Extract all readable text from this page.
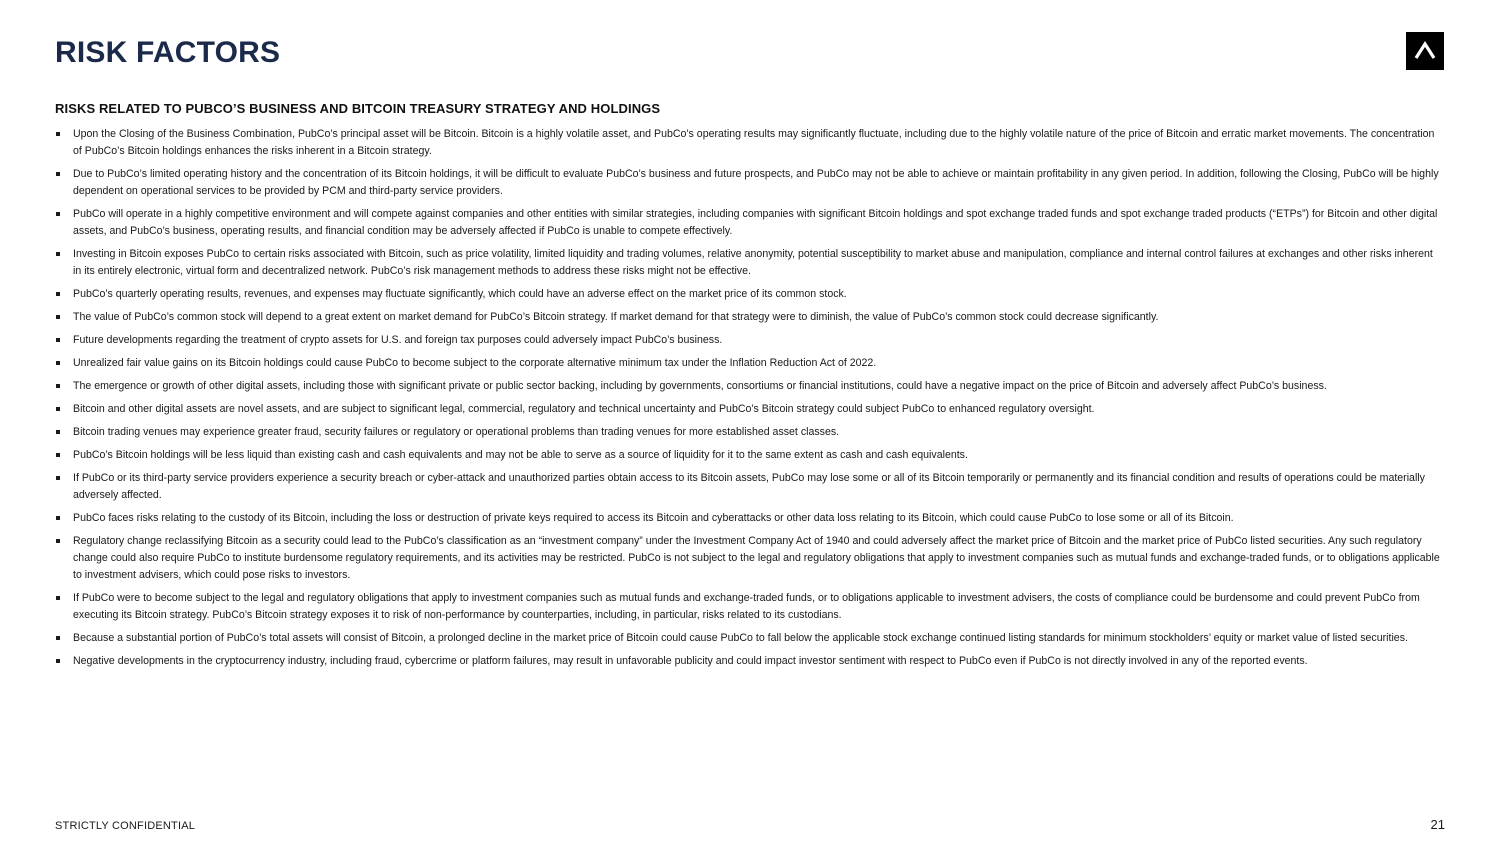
RISK FACTORS
RISKS RELATED TO PUBCO’S BUSINESS AND BITCOIN TREASURY STRATEGY AND HOLDINGS
Upon the Closing of the Business Combination, PubCo’s principal asset will be Bitcoin. Bitcoin is a highly volatile asset, and PubCo’s operating results may significantly fluctuate, including due to the highly volatile nature of the price of Bitcoin and erratic market movements. The concentration of PubCo’s Bitcoin holdings enhances the risks inherent in a Bitcoin strategy.
Due to PubCo’s limited operating history and the concentration of its Bitcoin holdings, it will be difficult to evaluate PubCo’s business and future prospects, and PubCo may not be able to achieve or maintain profitability in any given period. In addition, following the Closing, PubCo will be highly dependent on operational services to be provided by PCM and third-party service providers.
PubCo will operate in a highly competitive environment and will compete against companies and other entities with similar strategies, including companies with significant Bitcoin holdings and spot exchange traded funds and spot exchange traded products (“ETPs”) for Bitcoin and other digital assets, and PubCo’s business, operating results, and financial condition may be adversely affected if PubCo is unable to compete effectively.
Investing in Bitcoin exposes PubCo to certain risks associated with Bitcoin, such as price volatility, limited liquidity and trading volumes, relative anonymity, potential susceptibility to market abuse and manipulation, compliance and internal control failures at exchanges and other risks inherent in its entirely electronic, virtual form and decentralized network. PubCo’s risk management methods to address these risks might not be effective.
PubCo’s quarterly operating results, revenues, and expenses may fluctuate significantly, which could have an adverse effect on the market price of its common stock.
The value of PubCo’s common stock will depend to a great extent on market demand for PubCo’s Bitcoin strategy. If market demand for that strategy were to diminish, the value of PubCo’s common stock could decrease significantly.
Future developments regarding the treatment of crypto assets for U.S. and foreign tax purposes could adversely impact PubCo’s business.
Unrealized fair value gains on its Bitcoin holdings could cause PubCo to become subject to the corporate alternative minimum tax under the Inflation Reduction Act of 2022.
The emergence or growth of other digital assets, including those with significant private or public sector backing, including by governments, consortiums or financial institutions, could have a negative impact on the price of Bitcoin and adversely affect PubCo’s business.
Bitcoin and other digital assets are novel assets, and are subject to significant legal, commercial, regulatory and technical uncertainty and PubCo’s Bitcoin strategy could subject PubCo to enhanced regulatory oversight.
Bitcoin trading venues may experience greater fraud, security failures or regulatory or operational problems than trading venues for more established asset classes.
PubCo’s Bitcoin holdings will be less liquid than existing cash and cash equivalents and may not be able to serve as a source of liquidity for it to the same extent as cash and cash equivalents.
If PubCo or its third-party service providers experience a security breach or cyber-attack and unauthorized parties obtain access to its Bitcoin assets, PubCo may lose some or all of its Bitcoin temporarily or permanently and its financial condition and results of operations could be materially adversely affected.
PubCo faces risks relating to the custody of its Bitcoin, including the loss or destruction of private keys required to access its Bitcoin and cyberattacks or other data loss relating to its Bitcoin, which could cause PubCo to lose some or all of its Bitcoin.
Regulatory change reclassifying Bitcoin as a security could lead to the PubCo’s classification as an “investment company” under the Investment Company Act of 1940 and could adversely affect the market price of Bitcoin and the market price of PubCo listed securities. Any such regulatory change could also require PubCo to institute burdensome regulatory requirements, and its activities may be restricted. PubCo is not subject to the legal and regulatory obligations that apply to investment companies such as mutual funds and exchange-traded funds, or to obligations applicable to investment advisers, which could pose risks to investors.
If PubCo were to become subject to the legal and regulatory obligations that apply to investment companies such as mutual funds and exchange-traded funds, or to obligations applicable to investment advisers, the costs of compliance could be burdensome and could prevent PubCo from executing its Bitcoin strategy. PubCo’s Bitcoin strategy exposes it to risk of non-performance by counterparties, including, in particular, risks related to its custodians.
Because a substantial portion of PubCo’s total assets will consist of Bitcoin, a prolonged decline in the market price of Bitcoin could cause PubCo to fall below the applicable stock exchange continued listing standards for minimum stockholders’ equity or market value of listed securities.
Negative developments in the cryptocurrency industry, including fraud, cybercrime or platform failures, may result in unfavorable publicity and could impact investor sentiment with respect to PubCo even if PubCo is not directly involved in any of the reported events.
STRICTLY CONFIDENTIAL	21
